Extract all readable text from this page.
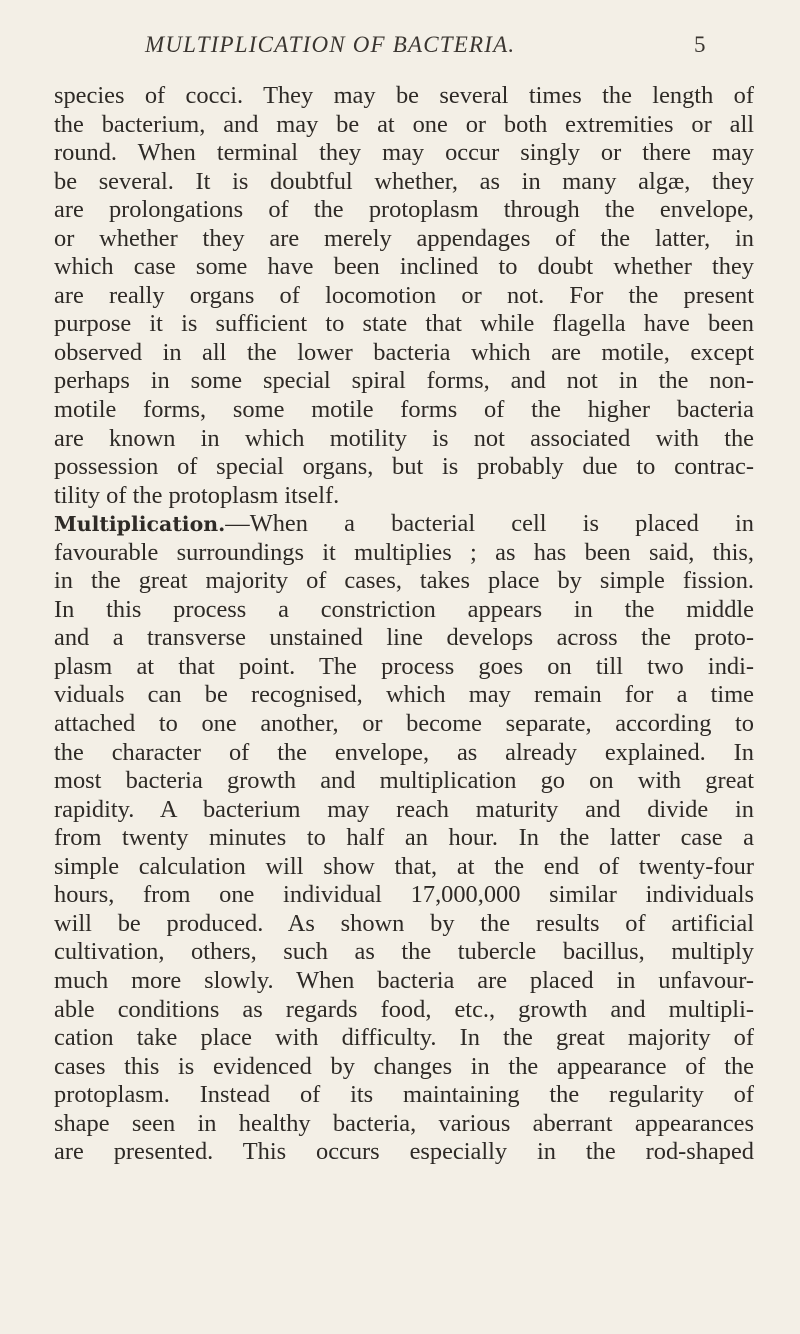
MULTIPLICATION OF BACTERIA.	5
species of cocci. They may be several times the length of
the bacterium, and may be at one or both extremities or all
round. When terminal they may occur singly or there may
be several. It is doubtful whether, as in many algæ, they
are prolongations of the protoplasm through the envelope,
or whether they are merely appendages of the latter, in
which case some have been inclined to doubt whether they
are really organs of locomotion or not. For the present
purpose it is sufficient to state that while flagella have been
observed in all the lower bacteria which are motile, except
perhaps in some special spiral forms, and not in the non-
motile forms, some motile forms of the higher bacteria
are known in which motility is not associated with the
possession of special organs, but is probably due to contrac-
tility of the protoplasm itself.
Multiplication.—When a bacterial cell is placed in
favourable surroundings it multiplies ; as has been said, this,
in the great majority of cases, takes place by simple fission.
In this process a constriction appears in the middle
and a transverse unstained line develops across the proto-
plasm at that point. The process goes on till two indi-
viduals can be recognised, which may remain for a time
attached to one another, or become separate, according to
the character of the envelope, as already explained. In
most bacteria growth and multiplication go on with great
rapidity. A bacterium may reach maturity and divide in
from twenty minutes to half an hour. In the latter case a
simple calculation will show that, at the end of twenty-four
hours, from one individual 17,000,000 similar individuals
will be produced. As shown by the results of artificial
cultivation, others, such as the tubercle bacillus, multiply
much more slowly. When bacteria are placed in unfavour-
able conditions as regards food, etc., growth and multipli-
cation take place with difficulty. In the great majority of
cases this is evidenced by changes in the appearance of the
protoplasm. Instead of its maintaining the regularity of
shape seen in healthy bacteria, various aberrant appearances
are presented. This occurs especially in the rod-shaped
